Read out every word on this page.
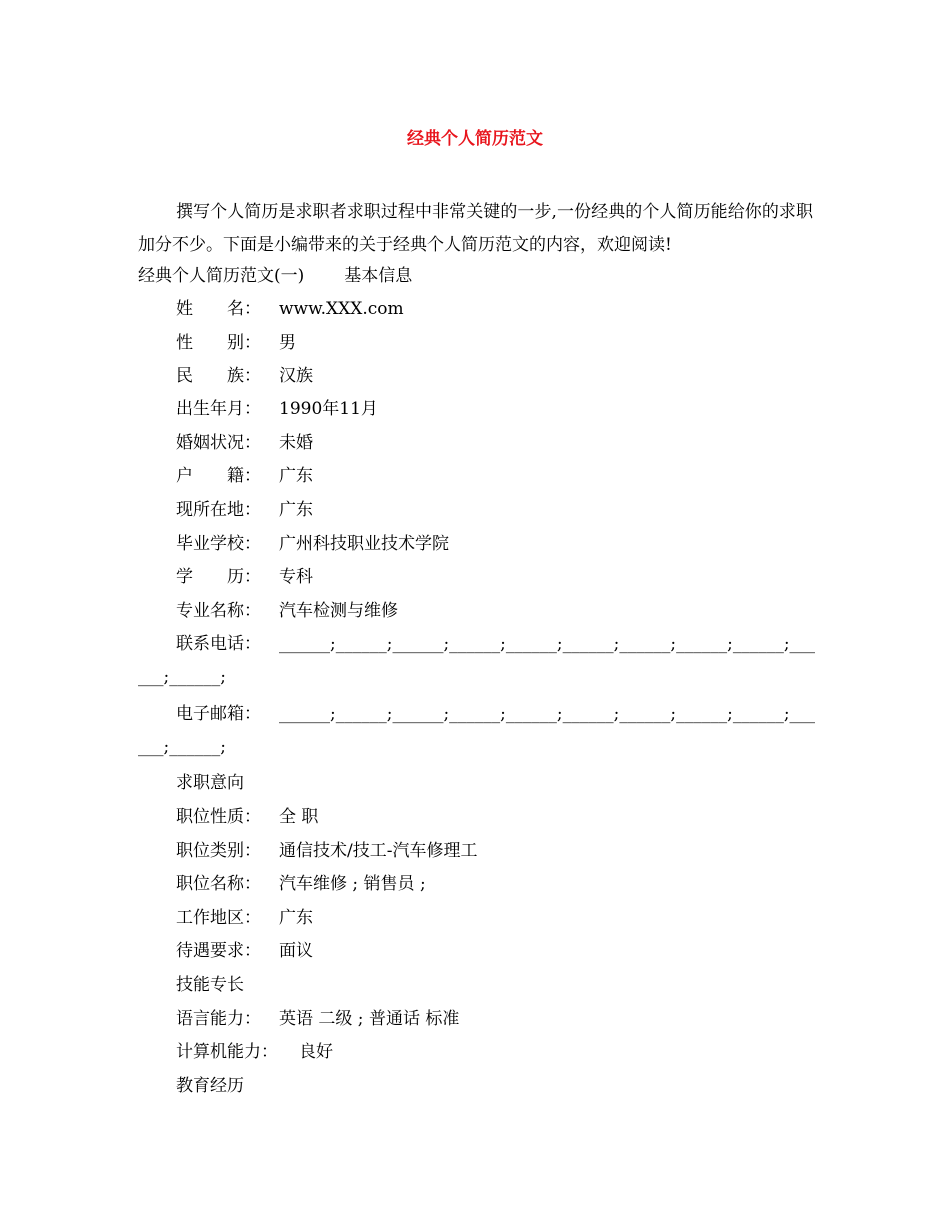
经典个人简历范文

撰写个人简历是求职者求职过程中非常关键的一步,一份经典的个人简历能给你的求职加分不少。下面是小编带来的关于经典个人简历范文的内容，欢迎阅读!

经典个人简历范文(一) 基本信息
姓　　名： www.XXX.com
性　　别： 男
民　　族： 汉族
出生年月： 1990年11月
婚姻状况： 未婚
户　　籍： 广东
现所在地： 广东
毕业学校： 广州科技职业技术学院
学　　历： 专科
专业名称： 汽车检测与维修
联系电话： ______;______;______;______;______;______;______;______;______;______;______;
电子邮箱： ______;______;______;______;______;______;______;______;______;______;______;
求职意向
职位性质： 全 职
职位类别： 通信技术/技工-汽车修理工
职位名称： 汽车维修 ; 销售员 ;
工作地区： 广东
待遇要求： 面议
技能专长
语言能力： 英语 二级 ; 普通话 标准
计算机能力： 良好
教育经历
